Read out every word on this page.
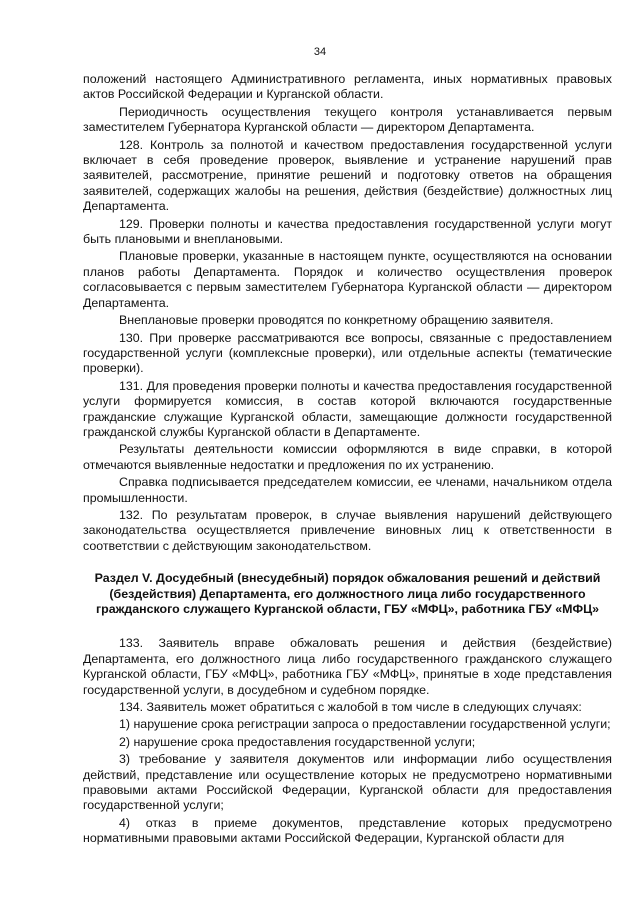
34

положений настоящего Административного регламента, иных нормативных правовых актов Российской Федерации и Курганской области.

Периодичность осуществления текущего контроля устанавливается первым заместителем Губернатора Курганской области — директором Департамента.

128. Контроль за полнотой и качеством предоставления государственной услуги включает в себя проведение проверок, выявление и устранение нарушений прав заявителей, рассмотрение, принятие решений и подготовку ответов на обращения заявителей, содержащих жалобы на решения, действия (бездействие) должностных лиц Департамента.

129. Проверки полноты и качества предоставления государственной услуги могут быть плановыми и внеплановыми.

Плановые проверки, указанные в настоящем пункте, осуществляются на основании планов работы Департамента. Порядок и количество осуществления проверок согласовывается с первым заместителем Губернатора Курганской области — директором Департамента.

Внеплановые проверки проводятся по конкретному обращению заявителя.

130. При проверке рассматриваются все вопросы, связанные с предоставлением государственной услуги (комплексные проверки), или отдельные аспекты (тематические проверки).

131. Для проведения проверки полноты и качества предоставления государственной услуги формируется комиссия, в состав которой включаются государственные гражданские служащие Курганской области, замещающие должности государственной гражданской службы Курганской области в Департаменте.

Результаты деятельности комиссии оформляются в виде справки, в которой отмечаются выявленные недостатки и предложения по их устранению.

Справка подписывается председателем комиссии, ее членами, начальником отдела промышленности.

132. По результатам проверок, в случае выявления нарушений действующего законодательства осуществляется привлечение виновных лиц к ответственности в соответствии с действующим законодательством.

Раздел V. Досудебный (внесудебный) порядок обжалования решений и действий (бездействия) Департамента, его должностного лица либо государственного гражданского служащего Курганской области, ГБУ «МФЦ», работника ГБУ «МФЦ»

133. Заявитель вправе обжаловать решения и действия (бездействие) Департамента, его должностного лица либо государственного гражданского служащего Курганской области, ГБУ «МФЦ», работника ГБУ «МФЦ», принятые в ходе представления государственной услуги, в досудебном и судебном порядке.

134. Заявитель может обратиться с жалобой в том числе в следующих случаях:

1) нарушение срока регистрации запроса о предоставлении государственной услуги;

2) нарушение срока предоставления государственной услуги;

3) требование у заявителя документов или информации либо осуществления действий, представление или осуществление которых не предусмотрено нормативными правовыми актами Российской Федерации, Курганской области для предоставления государственной услуги;

4) отказ в приеме документов, представление которых предусмотрено нормативными правовыми актами Российской Федерации, Курганской области для
